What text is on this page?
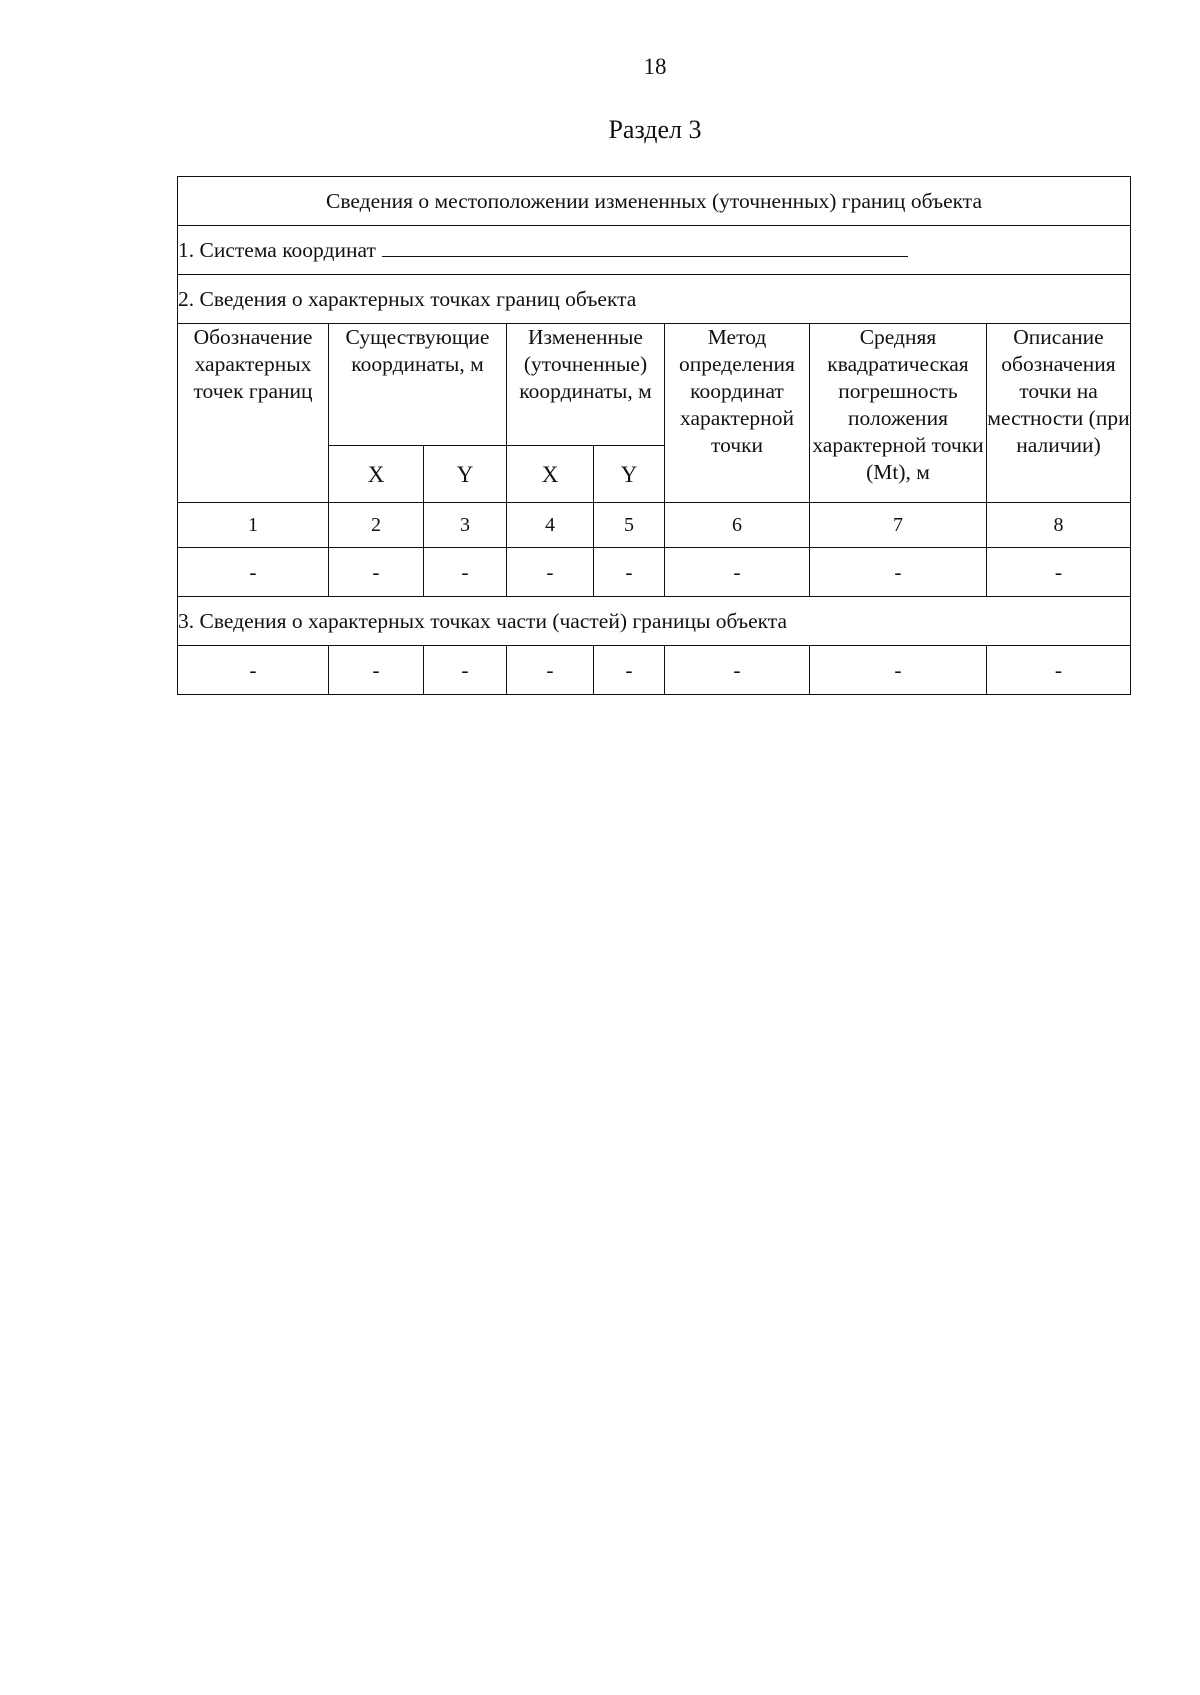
18
Раздел 3
Сведения о местоположении измененных (уточненных) границ объекта							
1. Система координат							
2. Сведения о характерных точках границ объекта							
Обозначение характерных точек границ	Существующие координаты, м		Измененные (уточненные) координаты, м		Метод определения координат характерной точки	Средняя квадратическая погрешность положения характерной точки (Mt), м	Описание обозначения точки на местности (при наличии)
	X	Y	X	Y			
1	2	3	4	5	6	7	8
-	-	-	-	-	-	-	-
3. Сведения о характерных точках части (частей) границы объекта							
-	-	-	-	-	-	-	-
